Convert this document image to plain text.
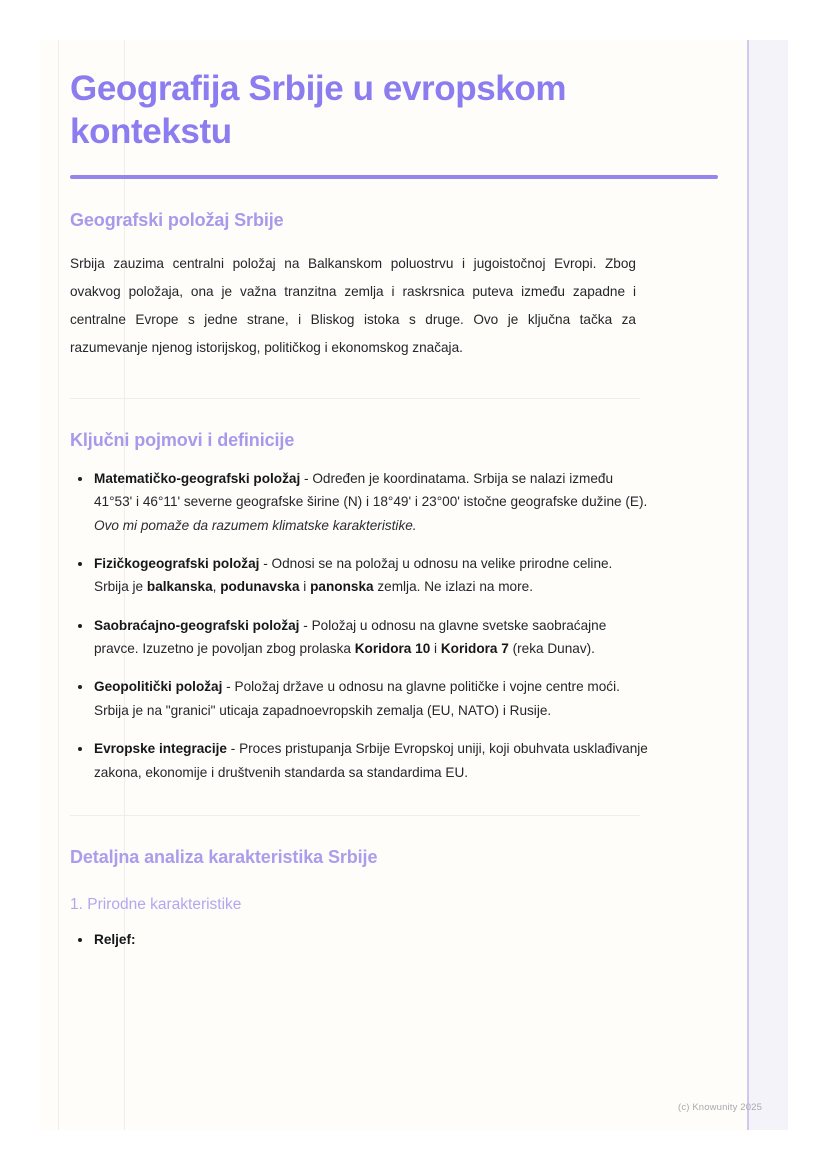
Geografija Srbije u evropskom kontekstu
Geografski položaj Srbije

Srbija zauzima centralni položaj na Balkanskom poluostrvu i jugoistočnoj Evropi. Zbog ovakvog položaja, ona je važna tranzitna zemlja i raskrsnica puteva između zapadne i centralne Evrope s jedne strane, i Bliskog istoka s druge. Ovo je ključna tačka za razumevanje njenog istorijskog, političkog i ekonomskog značaja.

Ključni pojmovi i definicije
Matematičko-geografski položaj - Određen je koordinatama. Srbija se nalazi između 41°53' i 46°11' severne geografske širine (N) i 18°49' i 23°00' istočne geografske dužine (E). Ovo mi pomaže da razumem klimatske karakteristike.
Fizičkogeografski položaj - Odnosi se na položaj u odnosu na velike prirodne celine. Srbija je balkanska, podunavska i panonska zemlja. Ne izlazi na more.
Saobraćajno-geografski položaj - Položaj u odnosu na glavne svetske saobraćajne pravce. Izuzetno je povoljan zbog prolaska Koridora 10 i Koridora 7 (reka Dunav).
Geopolitički položaj - Položaj države u odnosu na glavne političke i vojne centre moći. Srbija je na "granici" uticaja zapadnoevropskih zemalja (EU, NATO) i Rusije.
Evropske integracije - Proces pristupanja Srbije Evropskoj uniji, koji obuhvata usklađivanje zakona, ekonomije i društvenih standarda sa standardima EU.
Detaljna analiza karakteristika Srbije
1. Prirodne karakteristike
Reljef:
(c) Knowunity 2025
